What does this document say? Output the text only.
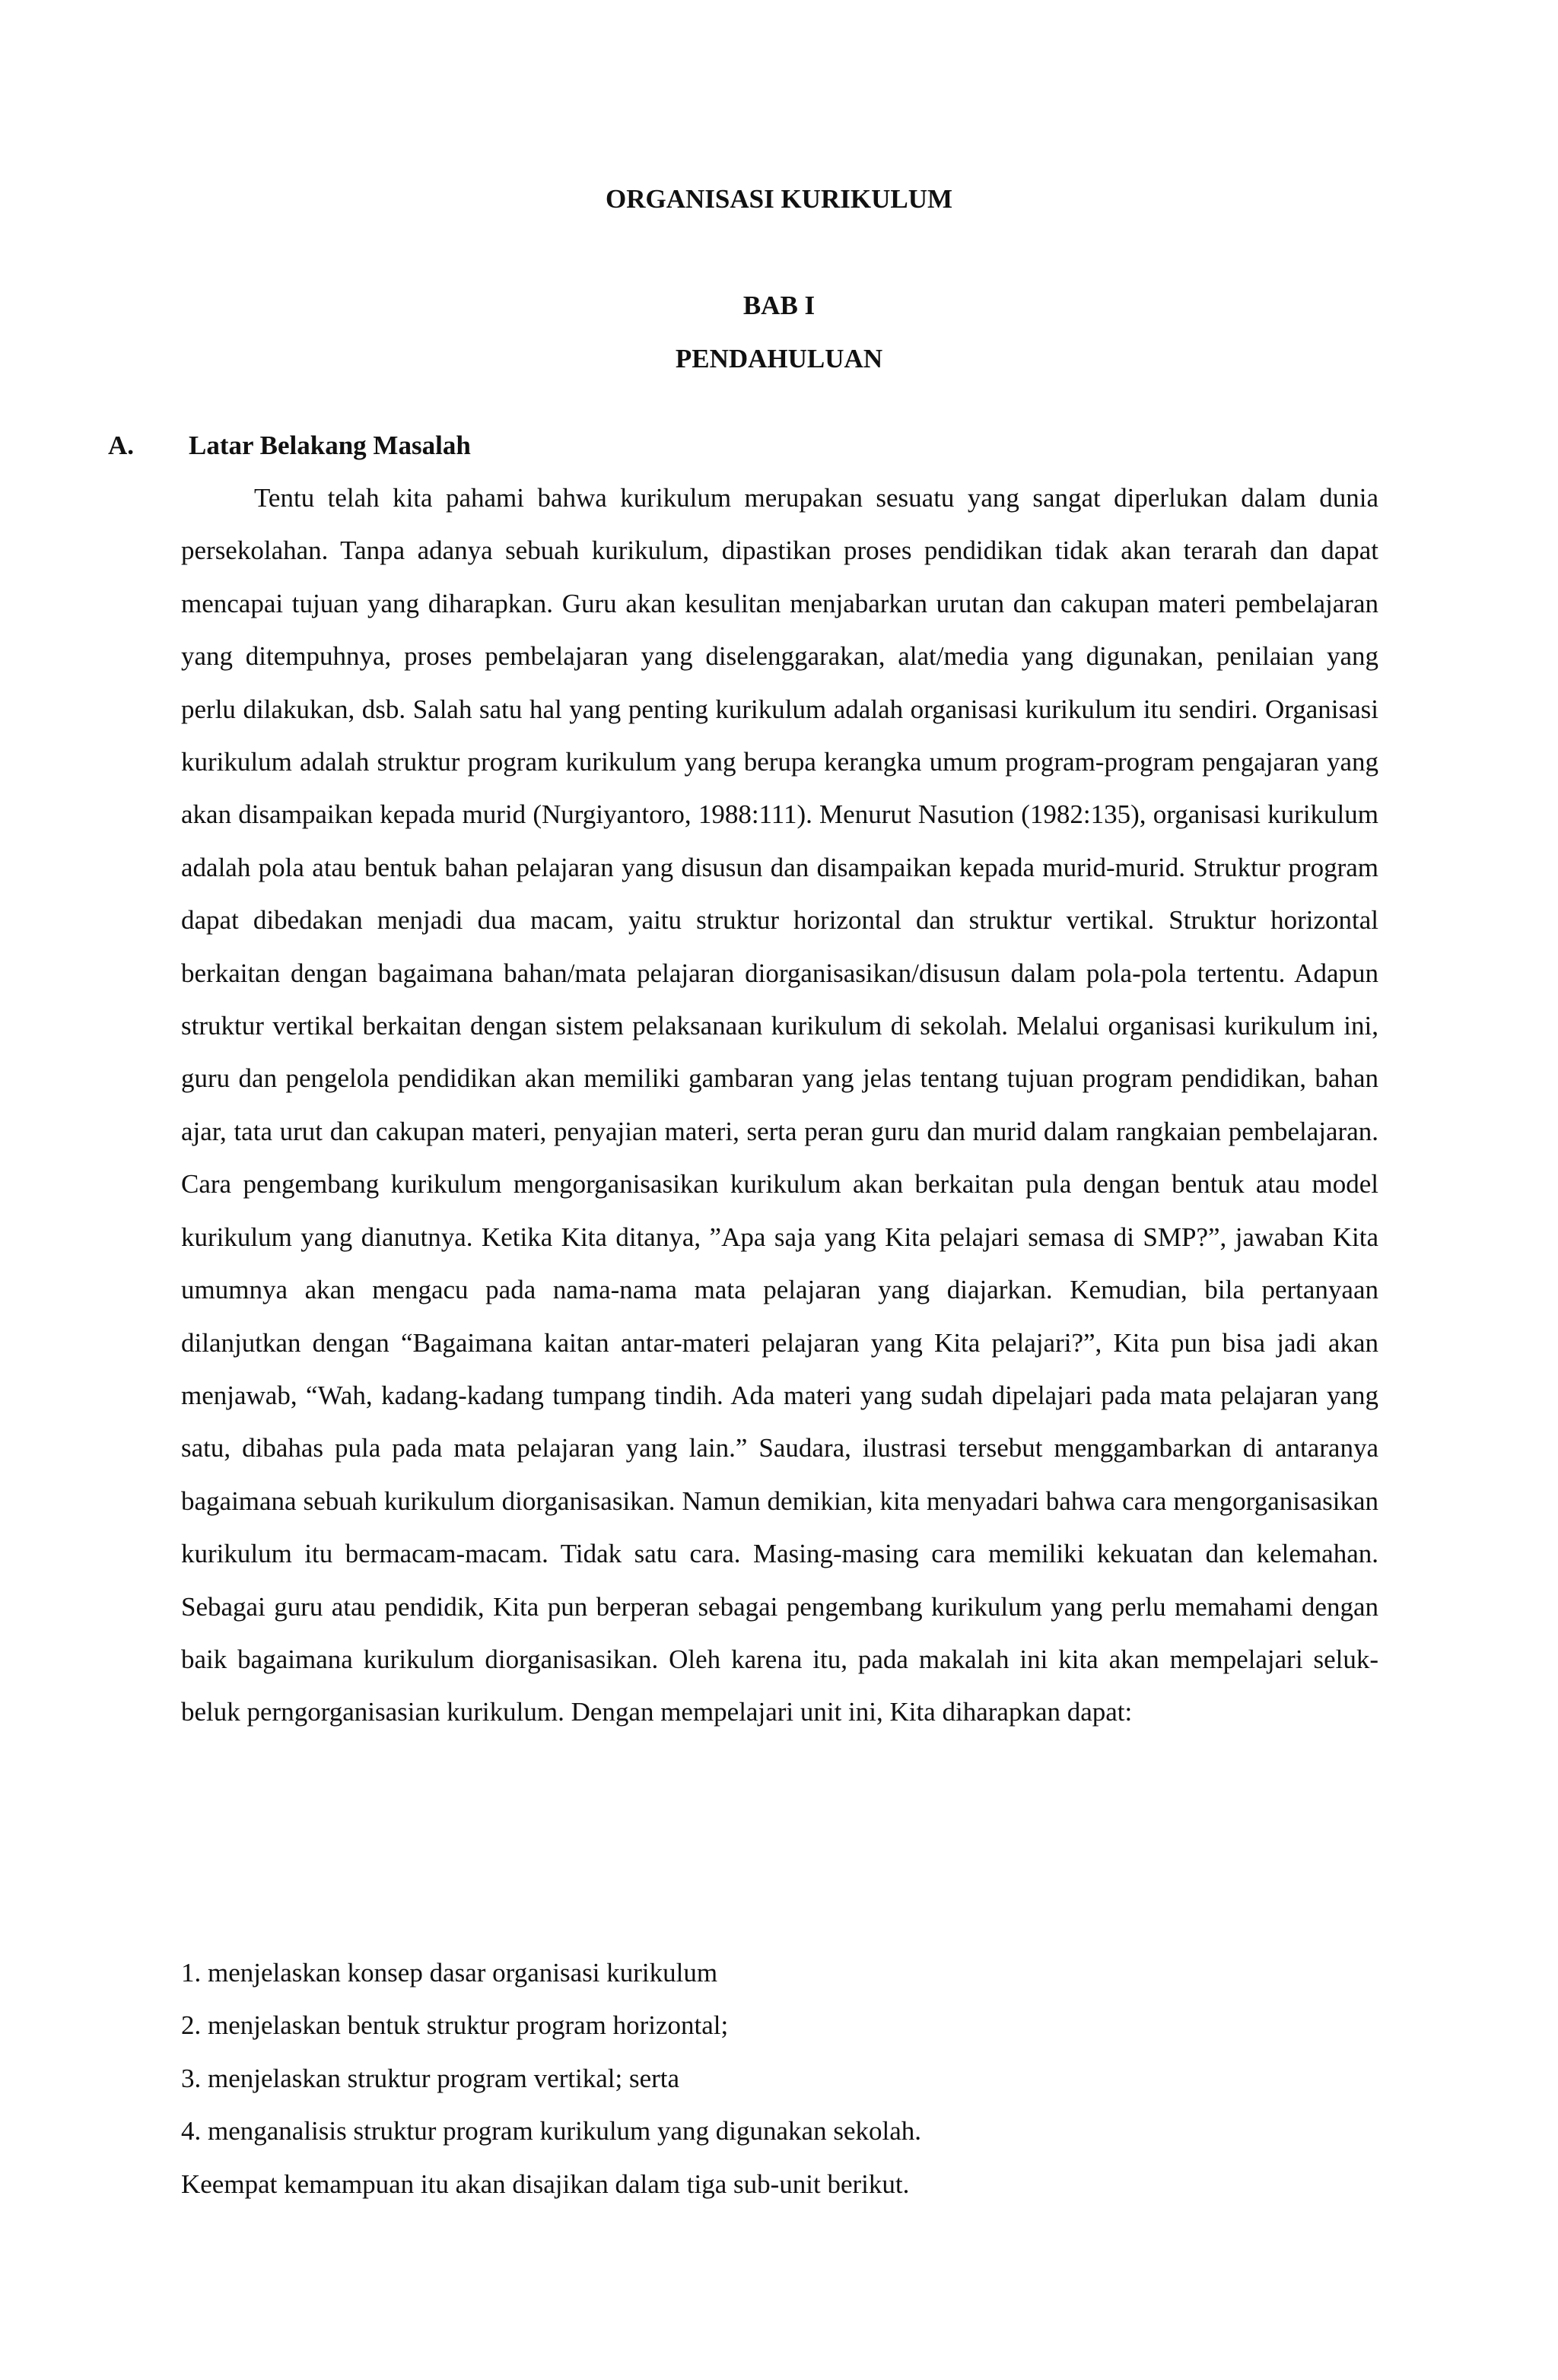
ORGANISASI KURIKULUM
BAB I
PENDAHULUAN
A. Latar Belakang Masalah

Tentu telah kita pahami bahwa kurikulum merupakan sesuatu yang sangat diperlukan dalam dunia persekolahan. Tanpa adanya sebuah kurikulum, dipastikan proses pendidikan tidak akan terarah dan dapat mencapai tujuan yang diharapkan. Guru akan kesulitan menjabarkan urutan dan cakupan materi pembelajaran yang ditempuhnya, proses pembelajaran yang diselenggarakan, alat/media yang digunakan, penilaian yang perlu dilakukan, dsb. Salah satu hal yang penting kurikulum adalah organisasi kurikulum itu sendiri. Organisasi kurikulum adalah struktur program kurikulum yang berupa kerangka umum program-program pengajaran yang akan disampaikan kepada murid (Nurgiyantoro, 1988:111). Menurut Nasution (1982:135), organisasi kurikulum adalah pola atau bentuk bahan pelajaran yang disusun dan disampaikan kepada murid-murid. Struktur program dapat dibedakan menjadi dua macam, yaitu struktur horizontal dan struktur vertikal. Struktur horizontal berkaitan dengan bagaimana bahan/mata pelajaran diorganisasikan/disusun dalam pola-pola tertentu. Adapun struktur vertikal berkaitan dengan sistem pelaksanaan kurikulum di sekolah. Melalui organisasi kurikulum ini, guru dan pengelola pendidikan akan memiliki gambaran yang jelas tentang tujuan program pendidikan, bahan ajar, tata urut dan cakupan materi, penyajian materi, serta peran guru dan murid dalam rangkaian pembelajaran. Cara pengembang kurikulum mengorganisasikan kurikulum akan berkaitan pula dengan bentuk atau model kurikulum yang dianutnya. Ketika Kita ditanya, ”Apa saja yang Kita pelajari semasa di SMP?”, jawaban Kita umumnya akan mengacu pada nama-nama mata pelajaran yang diajarkan. Kemudian, bila pertanyaan dilanjutkan dengan “Bagaimana kaitan antar-materi pelajaran yang Kita pelajari?”, Kita pun bisa jadi akan menjawab, “Wah, kadang-kadang tumpang tindih. Ada materi yang sudah dipelajari pada mata pelajaran yang satu, dibahas pula pada mata pelajaran yang lain.” Saudara, ilustrasi tersebut menggambarkan di antaranya bagaimana sebuah kurikulum diorganisasikan. Namun demikian, kita menyadari bahwa cara mengorganisasikan kurikulum itu bermacam-macam. Tidak satu cara. Masing-masing cara memiliki kekuatan dan kelemahan. Sebagai guru atau pendidik, Kita pun berperan sebagai pengembang kurikulum yang perlu memahami dengan baik bagaimana kurikulum diorganisasikan. Oleh karena itu, pada makalah ini kita akan mempelajari seluk-beluk perngorganisasian kurikulum. Dengan mempelajari unit ini, Kita diharapkan dapat:

1. menjelaskan konsep dasar organisasi kurikulum
2. menjelaskan bentuk struktur program horizontal;
3. menjelaskan struktur program vertikal; serta
4. menganalisis struktur program kurikulum yang digunakan sekolah.

Keempat kemampuan itu akan disajikan dalam tiga sub-unit berikut.
